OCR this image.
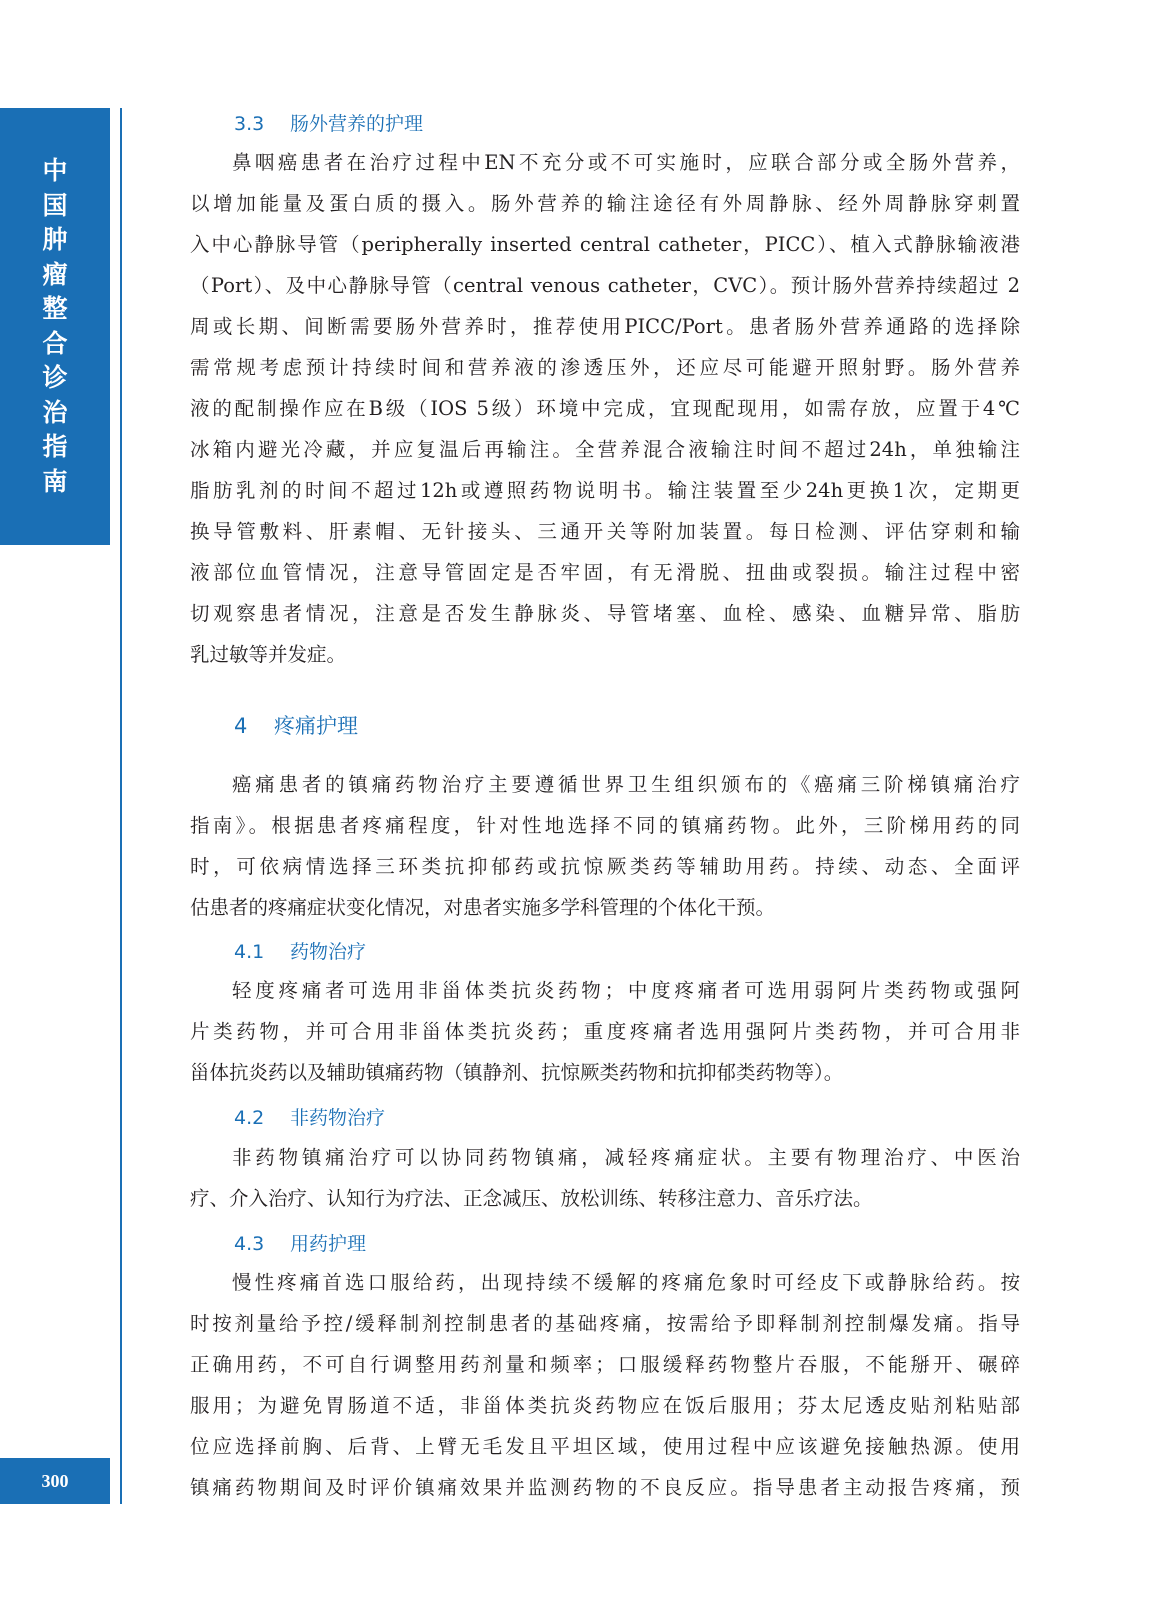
中
国
肿
瘤
整
合
诊
治
指
南
300
3.3 肠外营养的护理
鼻咽癌患者在治疗过程中EN不充分或不可实施时，应联合部分或全肠外营养，
以增加能量及蛋白质的摄入。肠外营养的输注途径有外周静脉、经外周静脉穿刺置
入中心静脉导管（peripherally inserted central catheter，PICC）、植入式静脉输液港
（Port）、及中心静脉导管（central venous catheter，CVC）。预计肠外营养持续超过 2
周或长期、间断需要肠外营养时，推荐使用PICC/Port。患者肠外营养通路的选择除
需常规考虑预计持续时间和营养液的渗透压外，还应尽可能避开照射野。肠外营养
液的配制操作应在B级（IOS 5级）环境中完成，宜现配现用，如需存放，应置于4℃
冰箱内避光冷藏，并应复温后再输注。全营养混合液输注时间不超过24h，单独输注
脂肪乳剂的时间不超过12h或遵照药物说明书。输注装置至少24h更换1次，定期更
换导管敷料、肝素帽、无针接头、三通开关等附加装置。每日检测、评估穿刺和输
液部位血管情况，注意导管固定是否牢固，有无滑脱、扭曲或裂损。输注过程中密
切观察患者情况，注意是否发生静脉炎、导管堵塞、血栓、感染、血糖异常、脂肪
乳过敏等并发症。
4 疼痛护理
癌痛患者的镇痛药物治疗主要遵循世界卫生组织颁布的《癌痛三阶梯镇痛治疗
指南》。根据患者疼痛程度，针对性地选择不同的镇痛药物。此外，三阶梯用药的同
时，可依病情选择三环类抗抑郁药或抗惊厥类药等辅助用药。持续、动态、全面评
估患者的疼痛症状变化情况，对患者实施多学科管理的个体化干预。
4.1 药物治疗
轻度疼痛者可选用非甾体类抗炎药物；中度疼痛者可选用弱阿片类药物或强阿
片类药物，并可合用非甾体类抗炎药；重度疼痛者选用强阿片类药物，并可合用非
甾体抗炎药以及辅助镇痛药物（镇静剂、抗惊厥类药物和抗抑郁类药物等）。
4.2 非药物治疗
非药物镇痛治疗可以协同药物镇痛，减轻疼痛症状。主要有物理治疗、中医治
疗、介入治疗、认知行为疗法、正念减压、放松训练、转移注意力、音乐疗法。
4.3 用药护理
慢性疼痛首选口服给药，出现持续不缓解的疼痛危象时可经皮下或静脉给药。按
时按剂量给予控/缓释制剂控制患者的基础疼痛，按需给予即释制剂控制爆发痛。指导
正确用药，不可自行调整用药剂量和频率；口服缓释药物整片吞服，不能掰开、碾碎
服用；为避免胃肠道不适，非甾体类抗炎药物应在饭后服用；芬太尼透皮贴剂粘贴部
位应选择前胸、后背、上臂无毛发且平坦区域，使用过程中应该避免接触热源。使用
镇痛药物期间及时评价镇痛效果并监测药物的不良反应。指导患者主动报告疼痛，预
